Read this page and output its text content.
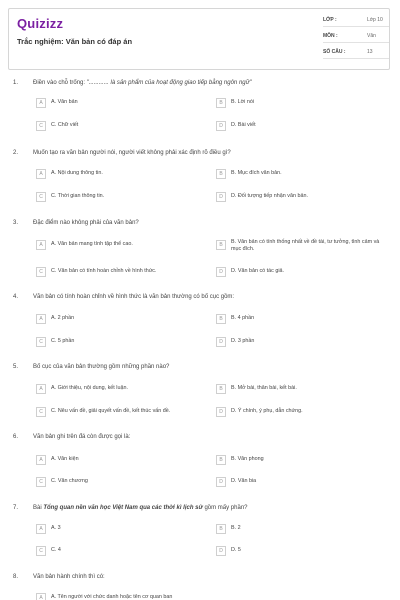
Quizizz
Trắc nghiệm: Văn bản có đáp án
LỚP :	Lớp 10
MÔN :	Văn
SỐ CÂU :	13
1. Điền vào chỗ trống: "............ là sản phẩm của hoạt động giao tiếp bằng ngôn ngữ"
A	A. Văn bản	B	B. Lời nói
C	C. Chữ viết	D	D. Bài viết
2. Muốn tạo ra văn bản người nói, người viết không phải xác định rõ điều gì?
A	A. Nội dung thông tin.	B	B. Mục đích văn bản.
C	C. Thời gian thông tin.	D	D. Đối tượng tiếp nhận văn bản.
3. Đặc điểm nào không phải của văn bản?
A	A. Văn bản mang tính tập thể cao.	B	B. Văn bản có tính thống nhất về đề tài, tư tưởng, tình cảm và mục đích.
C	C. Văn bản có tính hoàn chỉnh về hình thức.	D	D. Văn bản có tác giả.
4. Văn bản có tính hoàn chỉnh về hình thức là văn bản thường có bố cục gồm:
A	A. 2 phần	B	B. 4 phần
C	C. 5 phần	D	D. 3 phần
5. Bố cục của văn bản thường gồm những phần nào?
A	A. Giới thiệu, nội dung, kết luận.	B	B. Mở bài, thân bài, kết bài.
C	C. Nêu vấn đề, giải quyết vấn đề, kết thúc vấn đề.	D	D. Ý chính, ý phụ, dẫn chứng.
6. Văn bản ghi trên đá còn được gọi là:
A	A. Văn kiện	B	B. Văn phong
C	C. Văn chương	D	D. Văn bia
7. Bài Tổng quan nền văn học Việt Nam qua các thời kì lịch sử gồm mấy phần?
A	A. 3	B	B. 2
C	C. 4	D	D. 5
8. Văn bản hành chính thì có:
A	A. Tên người với chức danh hoặc tên cơ quan ban
